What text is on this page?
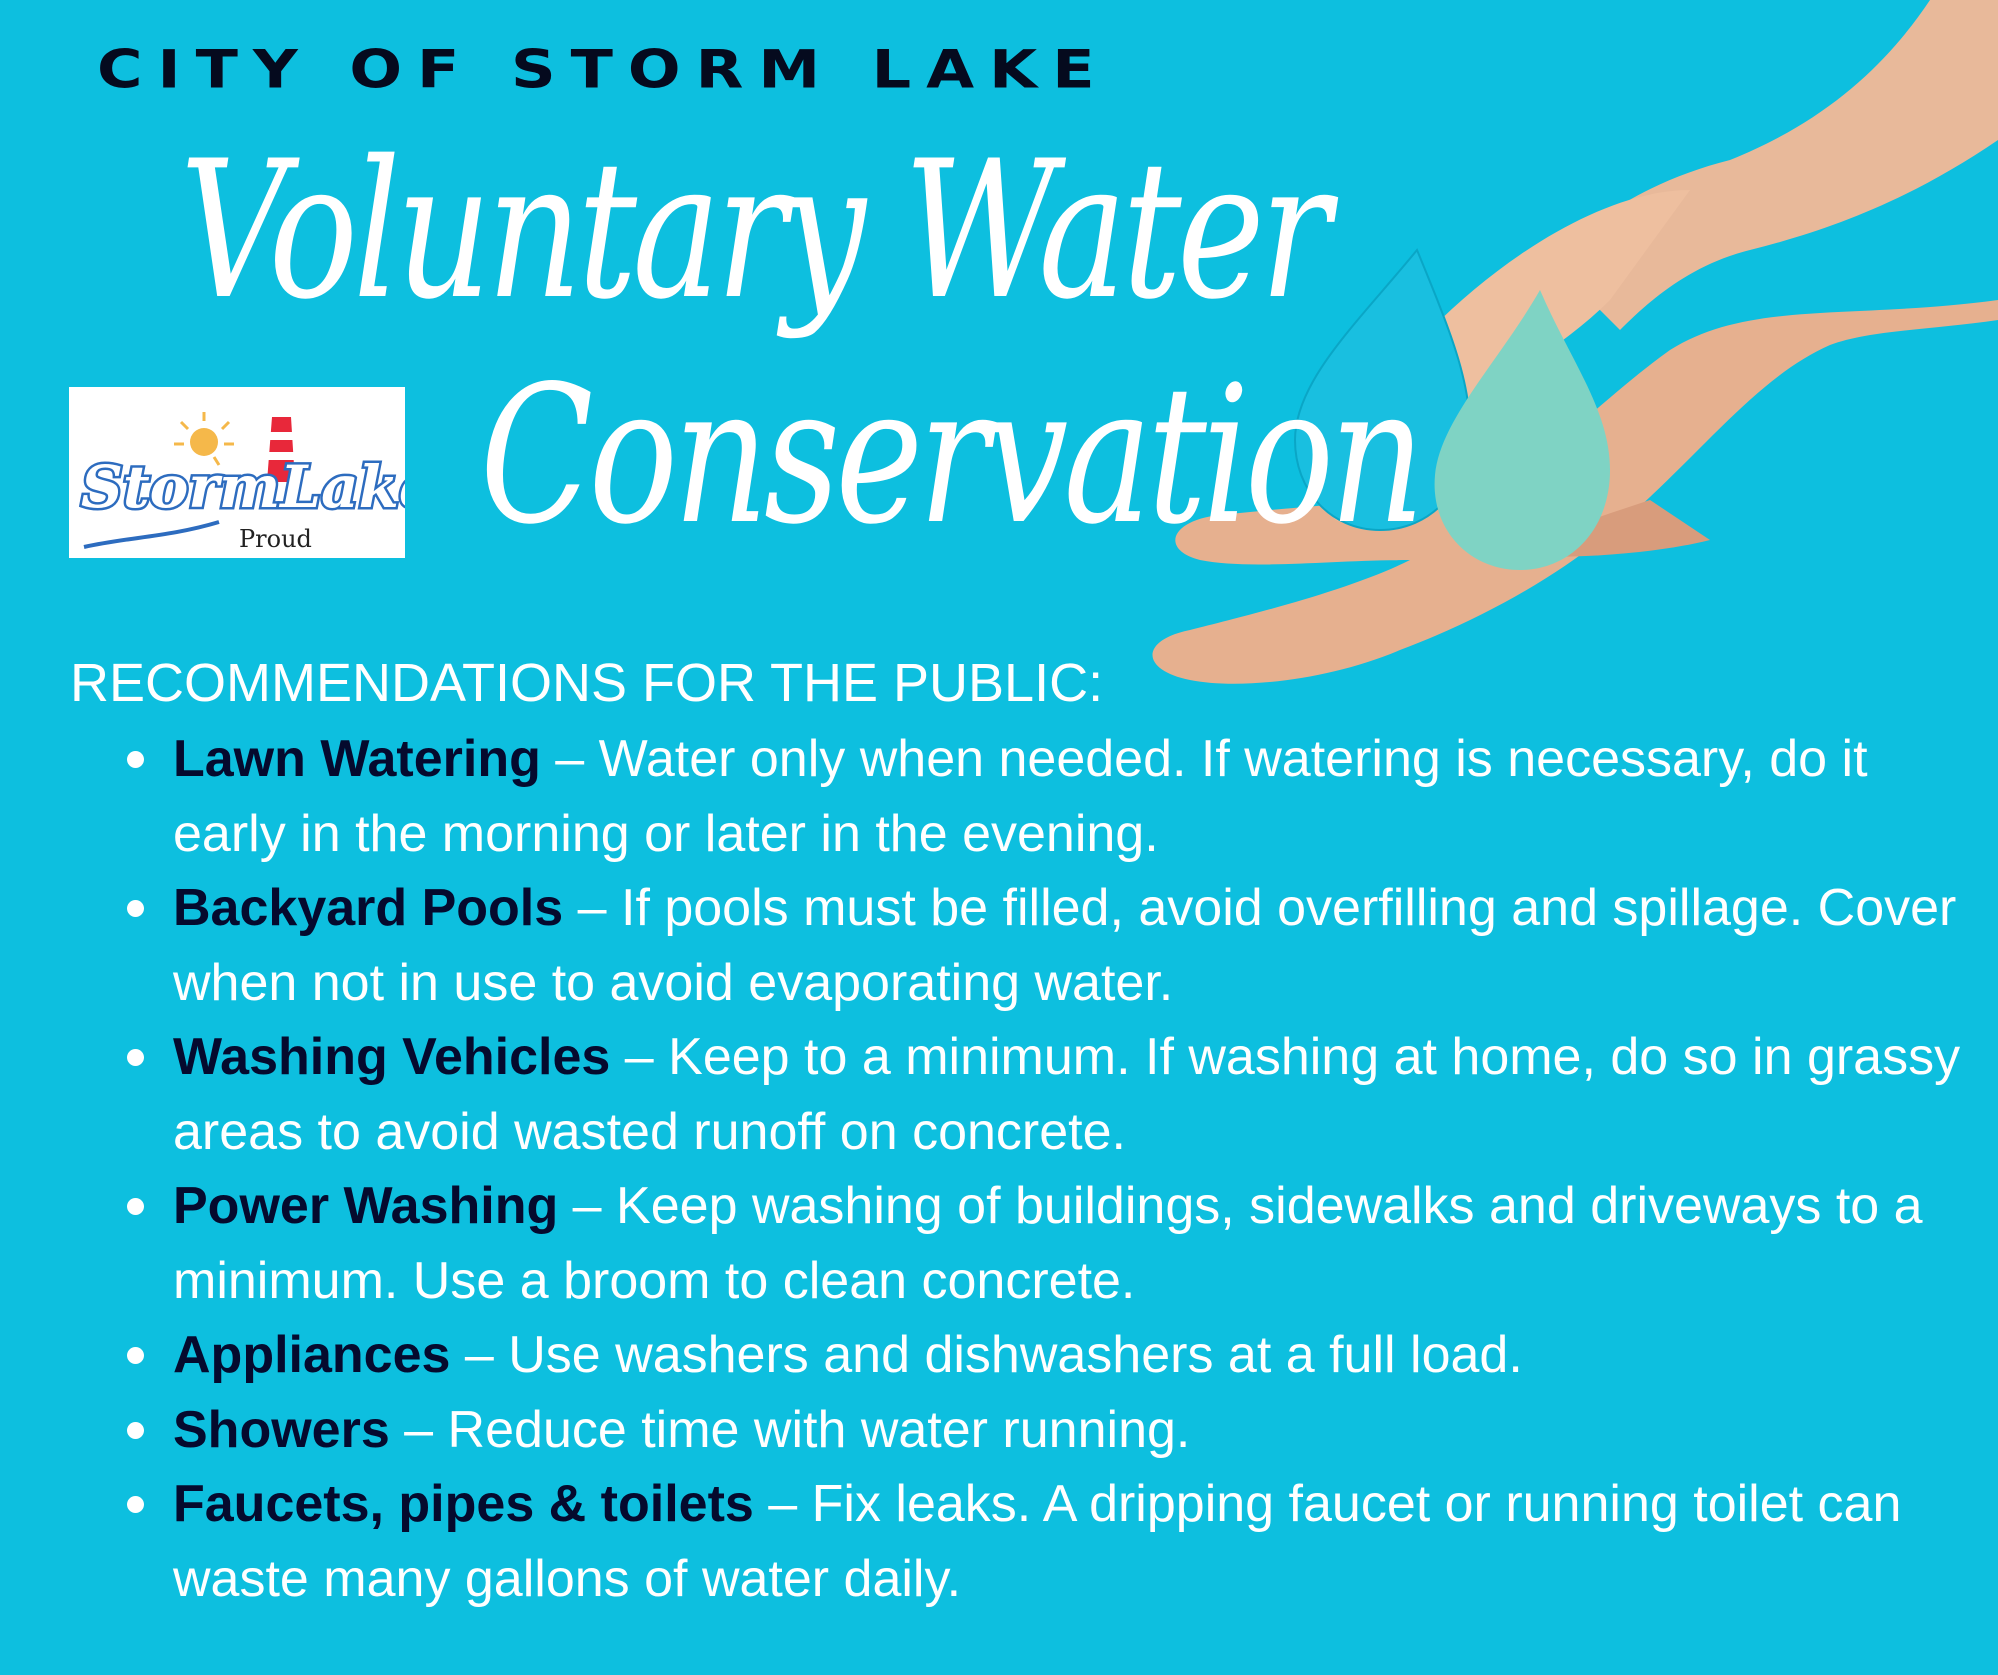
CITY OF STORM LAKE
Voluntary Water
Conservation
StormLake
Proud
RECOMMENDATIONS FOR THE PUBLIC:
Lawn Watering – Water only when needed. If watering is necessary, do it early in the morning or later in the evening.
Backyard Pools – If pools must be filled, avoid overfilling and spillage. Cover when not in use to avoid evaporating water.
Washing Vehicles – Keep to a minimum. If washing at home, do so in grassy areas to avoid wasted runoff on concrete.
Power Washing – Keep washing of buildings, sidewalks and driveways to a minimum. Use a broom to clean concrete.
Appliances – Use washers and dishwashers at a full load.
Showers – Reduce time with water running.
Faucets, pipes & toilets – Fix leaks. A dripping faucet or running toilet can waste many gallons of water daily.
